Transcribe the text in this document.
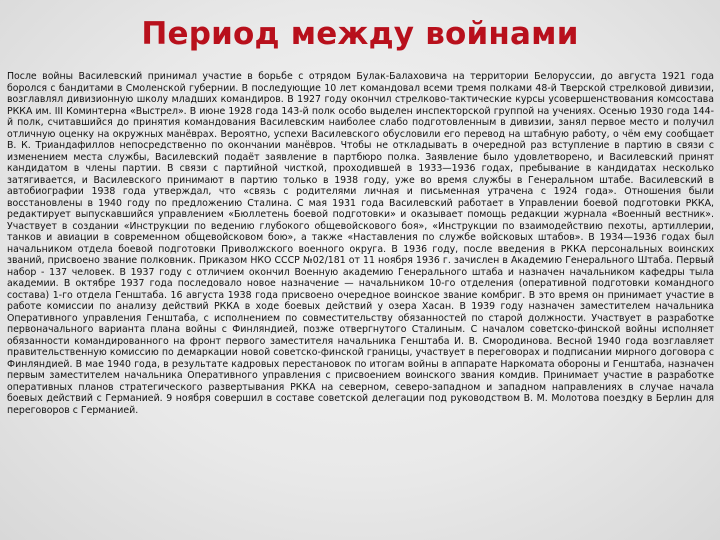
Период между войнами

После войны Василевский принимал участие в борьбе с отрядом Булак-Балаховича на территории Белоруссии, до августа 1921 года боролся с бандитами в Смоленской губернии. В последующие 10 лет командовал всеми тремя полками 48-й Тверской стрелковой дивизии, возглавлял дивизионную школу младших командиров. В 1927 году окончил стрелково-тактические курсы усовершенствования комсостава РККА им. III Коминтерна «Выстрел». В июне 1928 года 143-й полк особо выделен инспекторской группой на учениях. Осенью 1930 года 144-й полк, считавшийся до принятия командования Василевским наиболее слабо подготовленным в дивизии, занял первое место и получил отличную оценку на окружных манёврах. Вероятно, успехи Василевского обусловили его перевод на штабную работу, о чём ему сообщает В. К. Триандафиллов непосредственно по окончании манёвров. Чтобы не откладывать в очередной раз вступление в партию в связи с изменением места службы, Василевский подаёт заявление в партбюро полка. Заявление было удовлетворено, и Василевский принят кандидатом в члены партии. В связи с партийной чисткой, проходившей в 1933—1936 годах, пребывание в кандидатах несколько затягивается, и Василевского принимают в партию только в 1938 году, уже во время службы в Генеральном штабе. Василевский в автобиографии 1938 года утверждал, что «связь с родителями личная и письменная утрачена с 1924 года». Отношения были восстановлены в 1940 году по предложению Сталина. С мая 1931 года Василевский работает в Управлении боевой подготовки РККА, редактирует выпускавшийся управлением «Бюллетень боевой подготовки» и оказывает помощь редакции журнала «Военный вестник». Участвует в создании «Инструкции по ведению глубокого общевойскового боя», «Инструкции по взаимодействию пехоты, артиллерии, танков и авиации в современном общевойсковом бою», а также «Наставления по службе войсковых штабов». В 1934—1936 годах был начальником отдела боевой подготовки Приволжского военного округа. В 1936 году, после введения в РККА персональных воинских званий, присвоено звание полковник. Приказом НКО СССР №02/181 от 11 ноября 1936 г. зачислен в Академию Генерального Штаба. Первый набор - 137 человек. В 1937 году с отличием окончил Военную академию Генерального штаба и назначен начальником кафедры тыла академии. В октябре 1937 года последовало новое назначение — начальником 10-го отделения (оперативной подготовки командного состава) 1-го отдела Генштаба. 16 августа 1938 года присвоено очередное воинское звание комбриг. В это время он принимает участие в работе комиссии по анализу действий РККА в ходе боевых действий у озера Хасан. В 1939 году назначен заместителем начальника Оперативного управления Генштаба, с исполнением по совместительству обязанностей по старой должности. Участвует в разработке первоначального варианта плана войны с Финляндией, позже отвергнутого Сталиным. С началом советско-финской войны исполняет обязанности командированного на фронт первого заместителя начальника Генштаба И. В. Смородинова. Весной 1940 года возглавляет правительственную комиссию по демаркации новой советско-финской границы, участвует в переговорах и подписании мирного договора с Финляндией. В мае 1940 года, в результате кадровых перестановок по итогам войны в аппарате Наркомата обороны и Генштаба, назначен первым заместителем начальника Оперативного управления с присвоением воинского звания комдив. Принимает участие в разработке оперативных планов стратегического развертывания РККА на северном, северо-западном и западном направлениях в случае начала боевых действий с Германией. 9 ноября совершил в составе советской делегации под руководством В. М. Молотова поездку в Берлин для переговоров с Германией.
